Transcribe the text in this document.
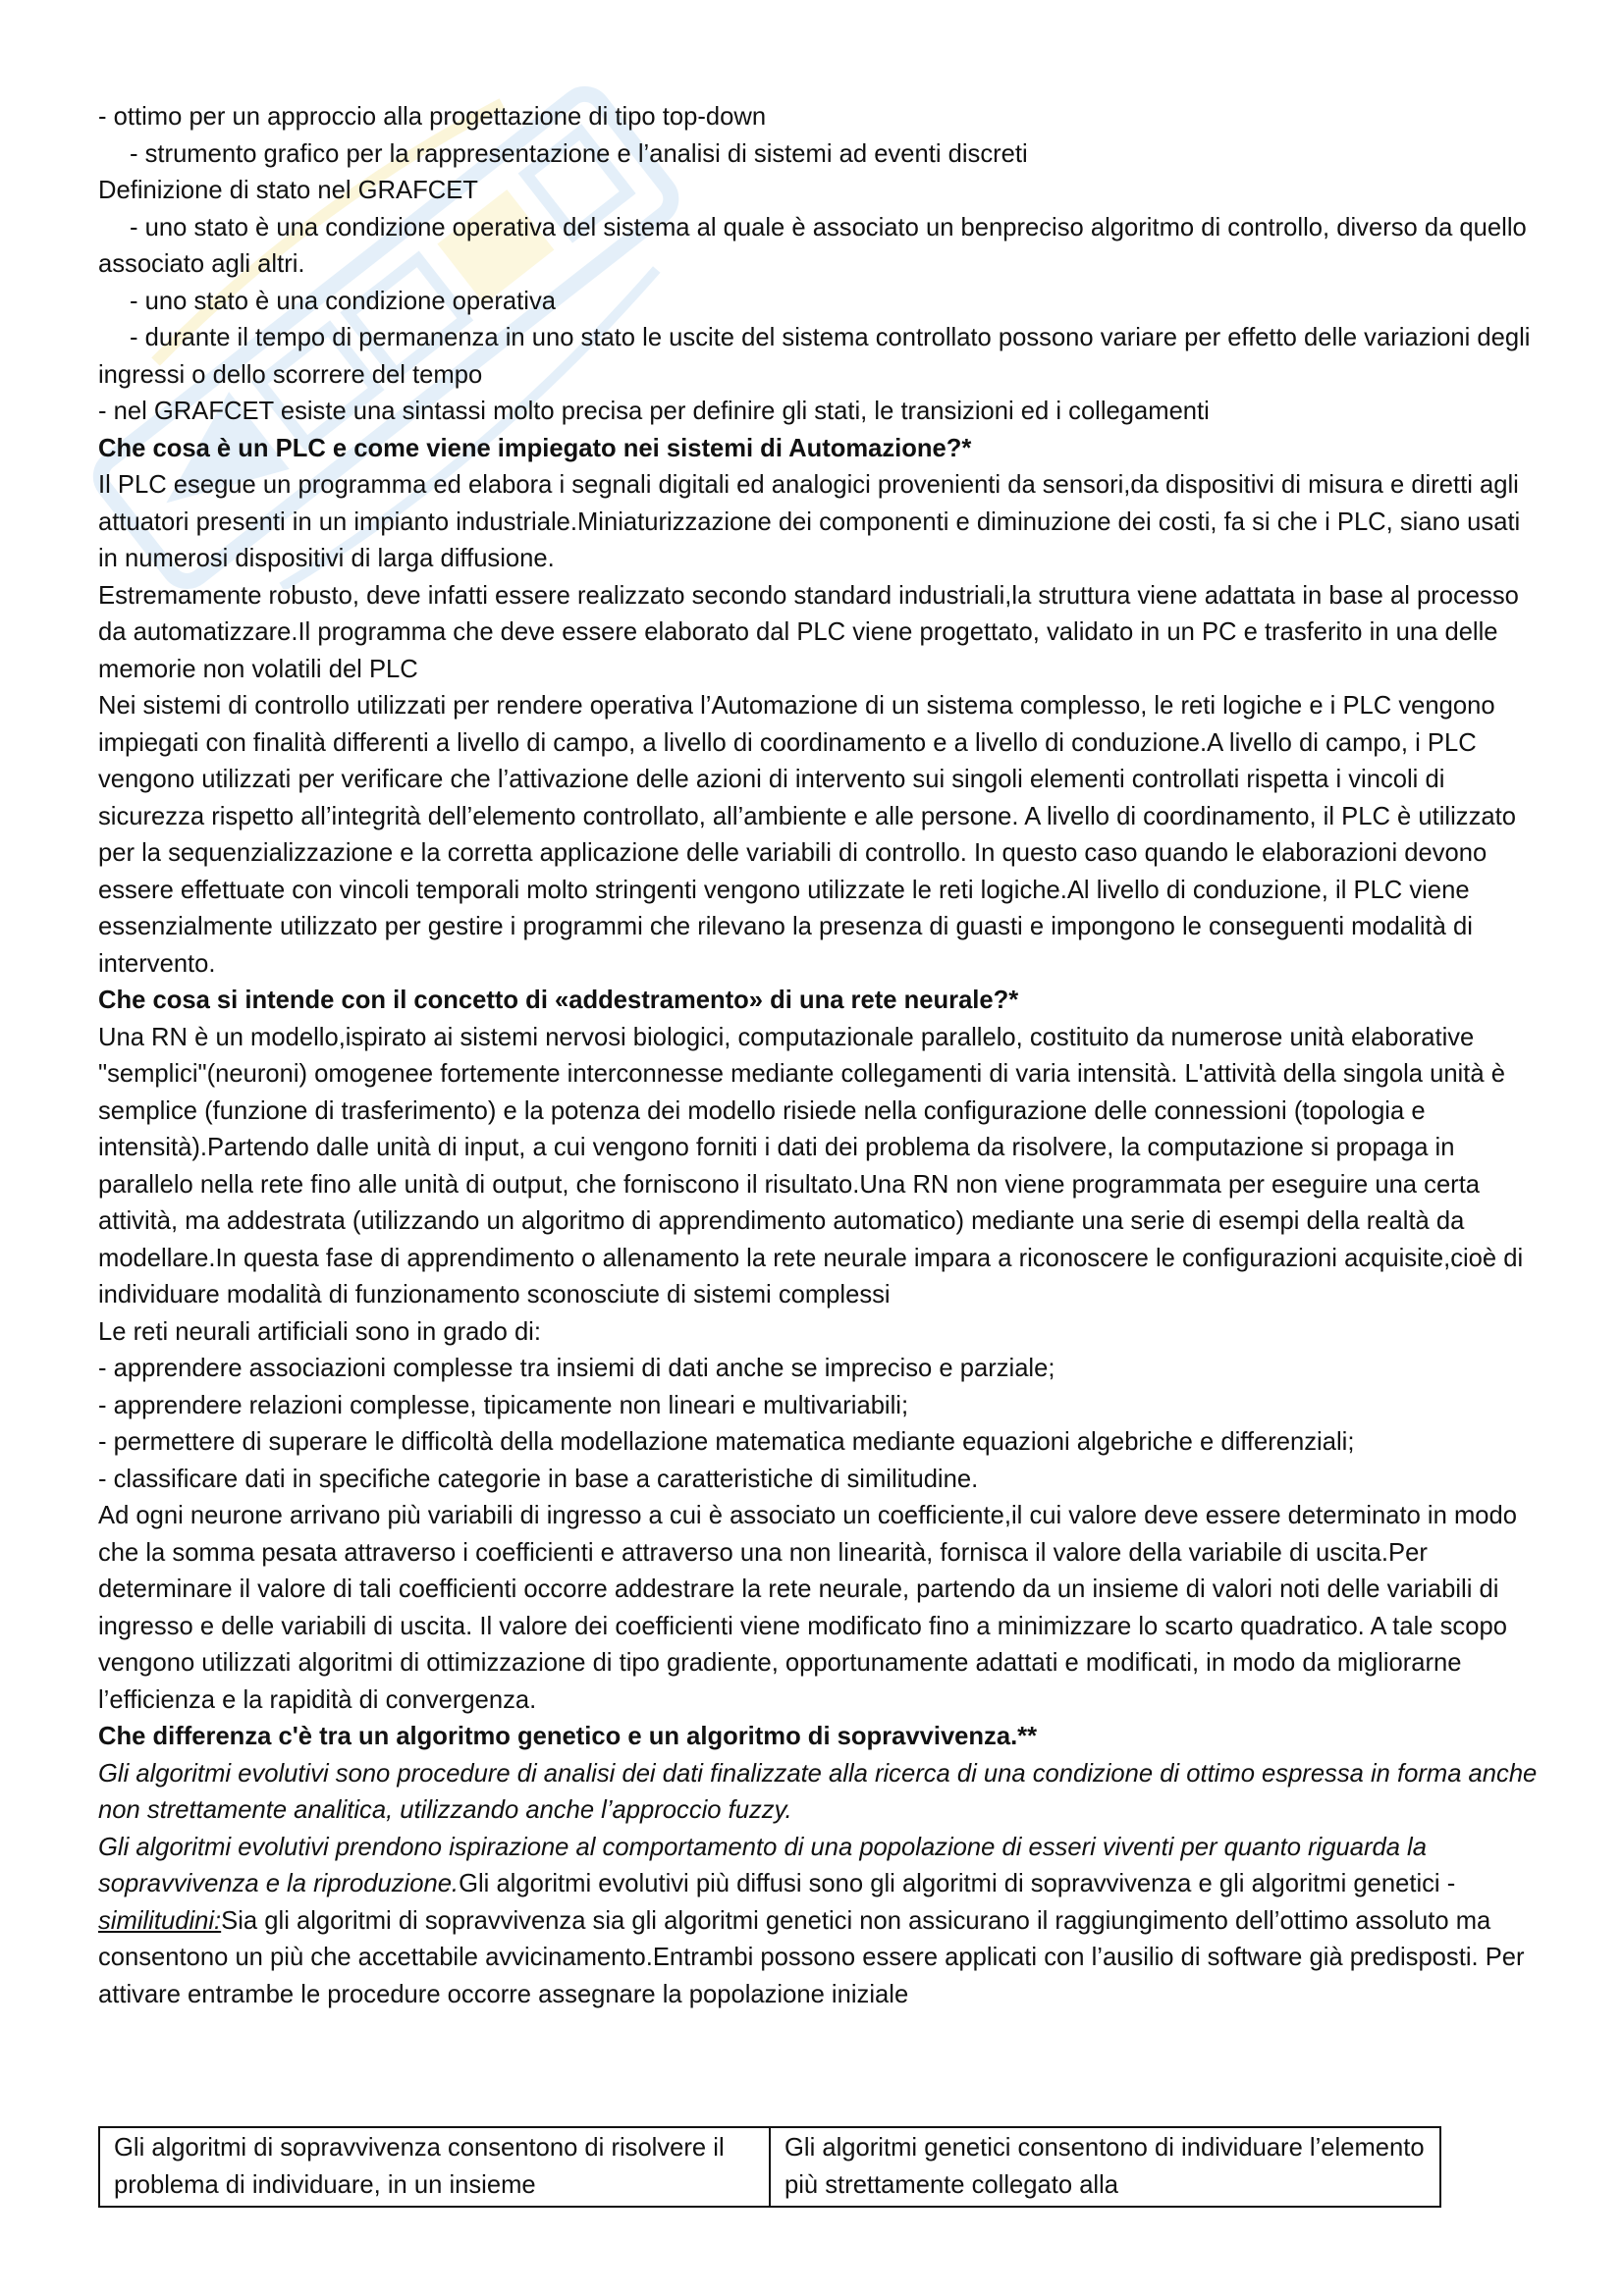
- ottimo per un approccio alla progettazione di tipo top-down

- strumento grafico per la rappresentazione e l’analisi di sistemi ad eventi discreti

Definizione di stato nel GRAFCET

- uno stato è una condizione operativa del sistema al quale è associato un benpreciso algoritmo di controllo, diverso da quello associato agli altri.

- uno stato è una condizione operativa

- durante il tempo di permanenza in uno stato le uscite del sistema controllato possono variare per effetto delle variazioni degli ingressi o dello scorrere del tempo

- nel GRAFCET esiste una sintassi molto precisa per definire gli stati, le transizioni ed i collegamenti

Che cosa è un PLC e come viene impiegato nei sistemi di Automazione?*

Il PLC esegue un programma ed elabora i segnali digitali ed analogici provenienti da sensori,da dispositivi di misura e diretti agli attuatori presenti in un impianto industriale.Miniaturizzazione dei componenti e diminuzione dei costi, fa si che i PLC, siano usati in numerosi dispositivi di larga diffusione.

Estremamente robusto, deve infatti essere realizzato secondo standard industriali,la struttura viene adattata in base al processo da automatizzare.Il programma che deve essere elaborato dal PLC viene progettato, validato in un PC e trasferito in una delle memorie non volatili del PLC

Nei sistemi di controllo utilizzati per rendere operativa l’Automazione di un sistema complesso, le reti logiche e i PLC vengono impiegati con finalità differenti a livello di campo, a livello di coordinamento e a livello di conduzione.A livello di campo, i PLC vengono utilizzati per verificare che l’attivazione delle azioni di intervento sui singoli elementi controllati rispetta i vincoli di sicurezza rispetto all’integrità dell’elemento controllato, all’ambiente e alle persone. A livello di coordinamento, il PLC è utilizzato per la sequenzializzazione e la corretta applicazione delle variabili di controllo. In questo caso quando le elaborazioni devono essere effettuate con vincoli temporali molto stringenti vengono utilizzate le reti logiche.Al livello di conduzione, il PLC viene essenzialmente utilizzato per gestire i programmi che rilevano la presenza di guasti e impongono le conseguenti modalità di intervento.

Che cosa si intende con il concetto di «addestramento» di una rete neurale?*

Una RN è un modello,ispirato ai sistemi nervosi biologici, computazionale parallelo, costituito da numerose unità elaborative "semplici"(neuroni) omogenee fortemente interconnesse mediante collegamenti di varia intensità. L'attività della singola unità è semplice (funzione di trasferimento) e la potenza dei modello risiede nella configurazione delle connessioni (topologia e intensità).Partendo dalle unità di input, a cui vengono forniti i dati dei problema da risolvere, la computazione si propaga in parallelo nella rete fino alle unità di output, che forniscono il risultato.Una RN non viene programmata per eseguire una certa attività, ma addestrata (utilizzando un algoritmo di apprendimento automatico) mediante una serie di esempi della realtà da modellare.In questa fase di apprendimento o allenamento la rete neurale impara a riconoscere le configurazioni acquisite,cioè di individuare modalità di funzionamento sconosciute di sistemi complessi

Le reti neurali artificiali sono in grado di:

- apprendere associazioni complesse tra insiemi di dati anche se impreciso e parziale;

- apprendere relazioni complesse, tipicamente non lineari e multivariabili;

- permettere di superare le difficoltà della modellazione matematica mediante equazioni algebriche e differenziali;

- classificare dati in specifiche categorie in base a caratteristiche di similitudine.

Ad ogni neurone arrivano più variabili di ingresso a cui è associato un coefficiente,il cui valore deve essere determinato in modo che la somma pesata attraverso i coefficienti e attraverso una non linearità, fornisca il valore della variabile di uscita.Per determinare il valore di tali coefficienti occorre addestrare la rete neurale, partendo da un insieme di valori noti delle variabili di ingresso e delle variabili di uscita. Il valore dei coefficienti viene modificato fino a minimizzare lo scarto quadratico. A tale scopo vengono utilizzati algoritmi di ottimizzazione di tipo gradiente, opportunamente adattati e modificati, in modo da migliorarne l’efficienza e la rapidità di convergenza.

Che differenza c'è tra un algoritmo genetico e un algoritmo di sopravvivenza.**

Gli algoritmi evolutivi sono procedure di analisi dei dati finalizzate alla ricerca di una condizione di ottimo espressa in forma anche non strettamente analitica, utilizzando anche l’approccio fuzzy.

Gli algoritmi evolutivi prendono ispirazione al comportamento di una popolazione di esseri viventi per quanto riguarda la sopravvivenza e la riproduzione.Gli algoritmi evolutivi più diffusi sono gli algoritmi di sopravvivenza e gli algoritmi genetici -similitudini:Sia gli algoritmi di sopravvivenza sia gli algoritmi genetici non assicurano il raggiungimento dell’ottimo assoluto ma consentono un più che accettabile avvicinamento.Entrambi possono essere applicati con l’ausilio di software già predisposti. Per attivare entrambe le procedure occorre assegnare la popolazione iniziale

Gli algoritmi di sopravvivenza consentono di risolvere il problema di individuare, in un insieme	Gli algoritmi genetici consentono di individuare l’elemento più strettamente collegato alla
